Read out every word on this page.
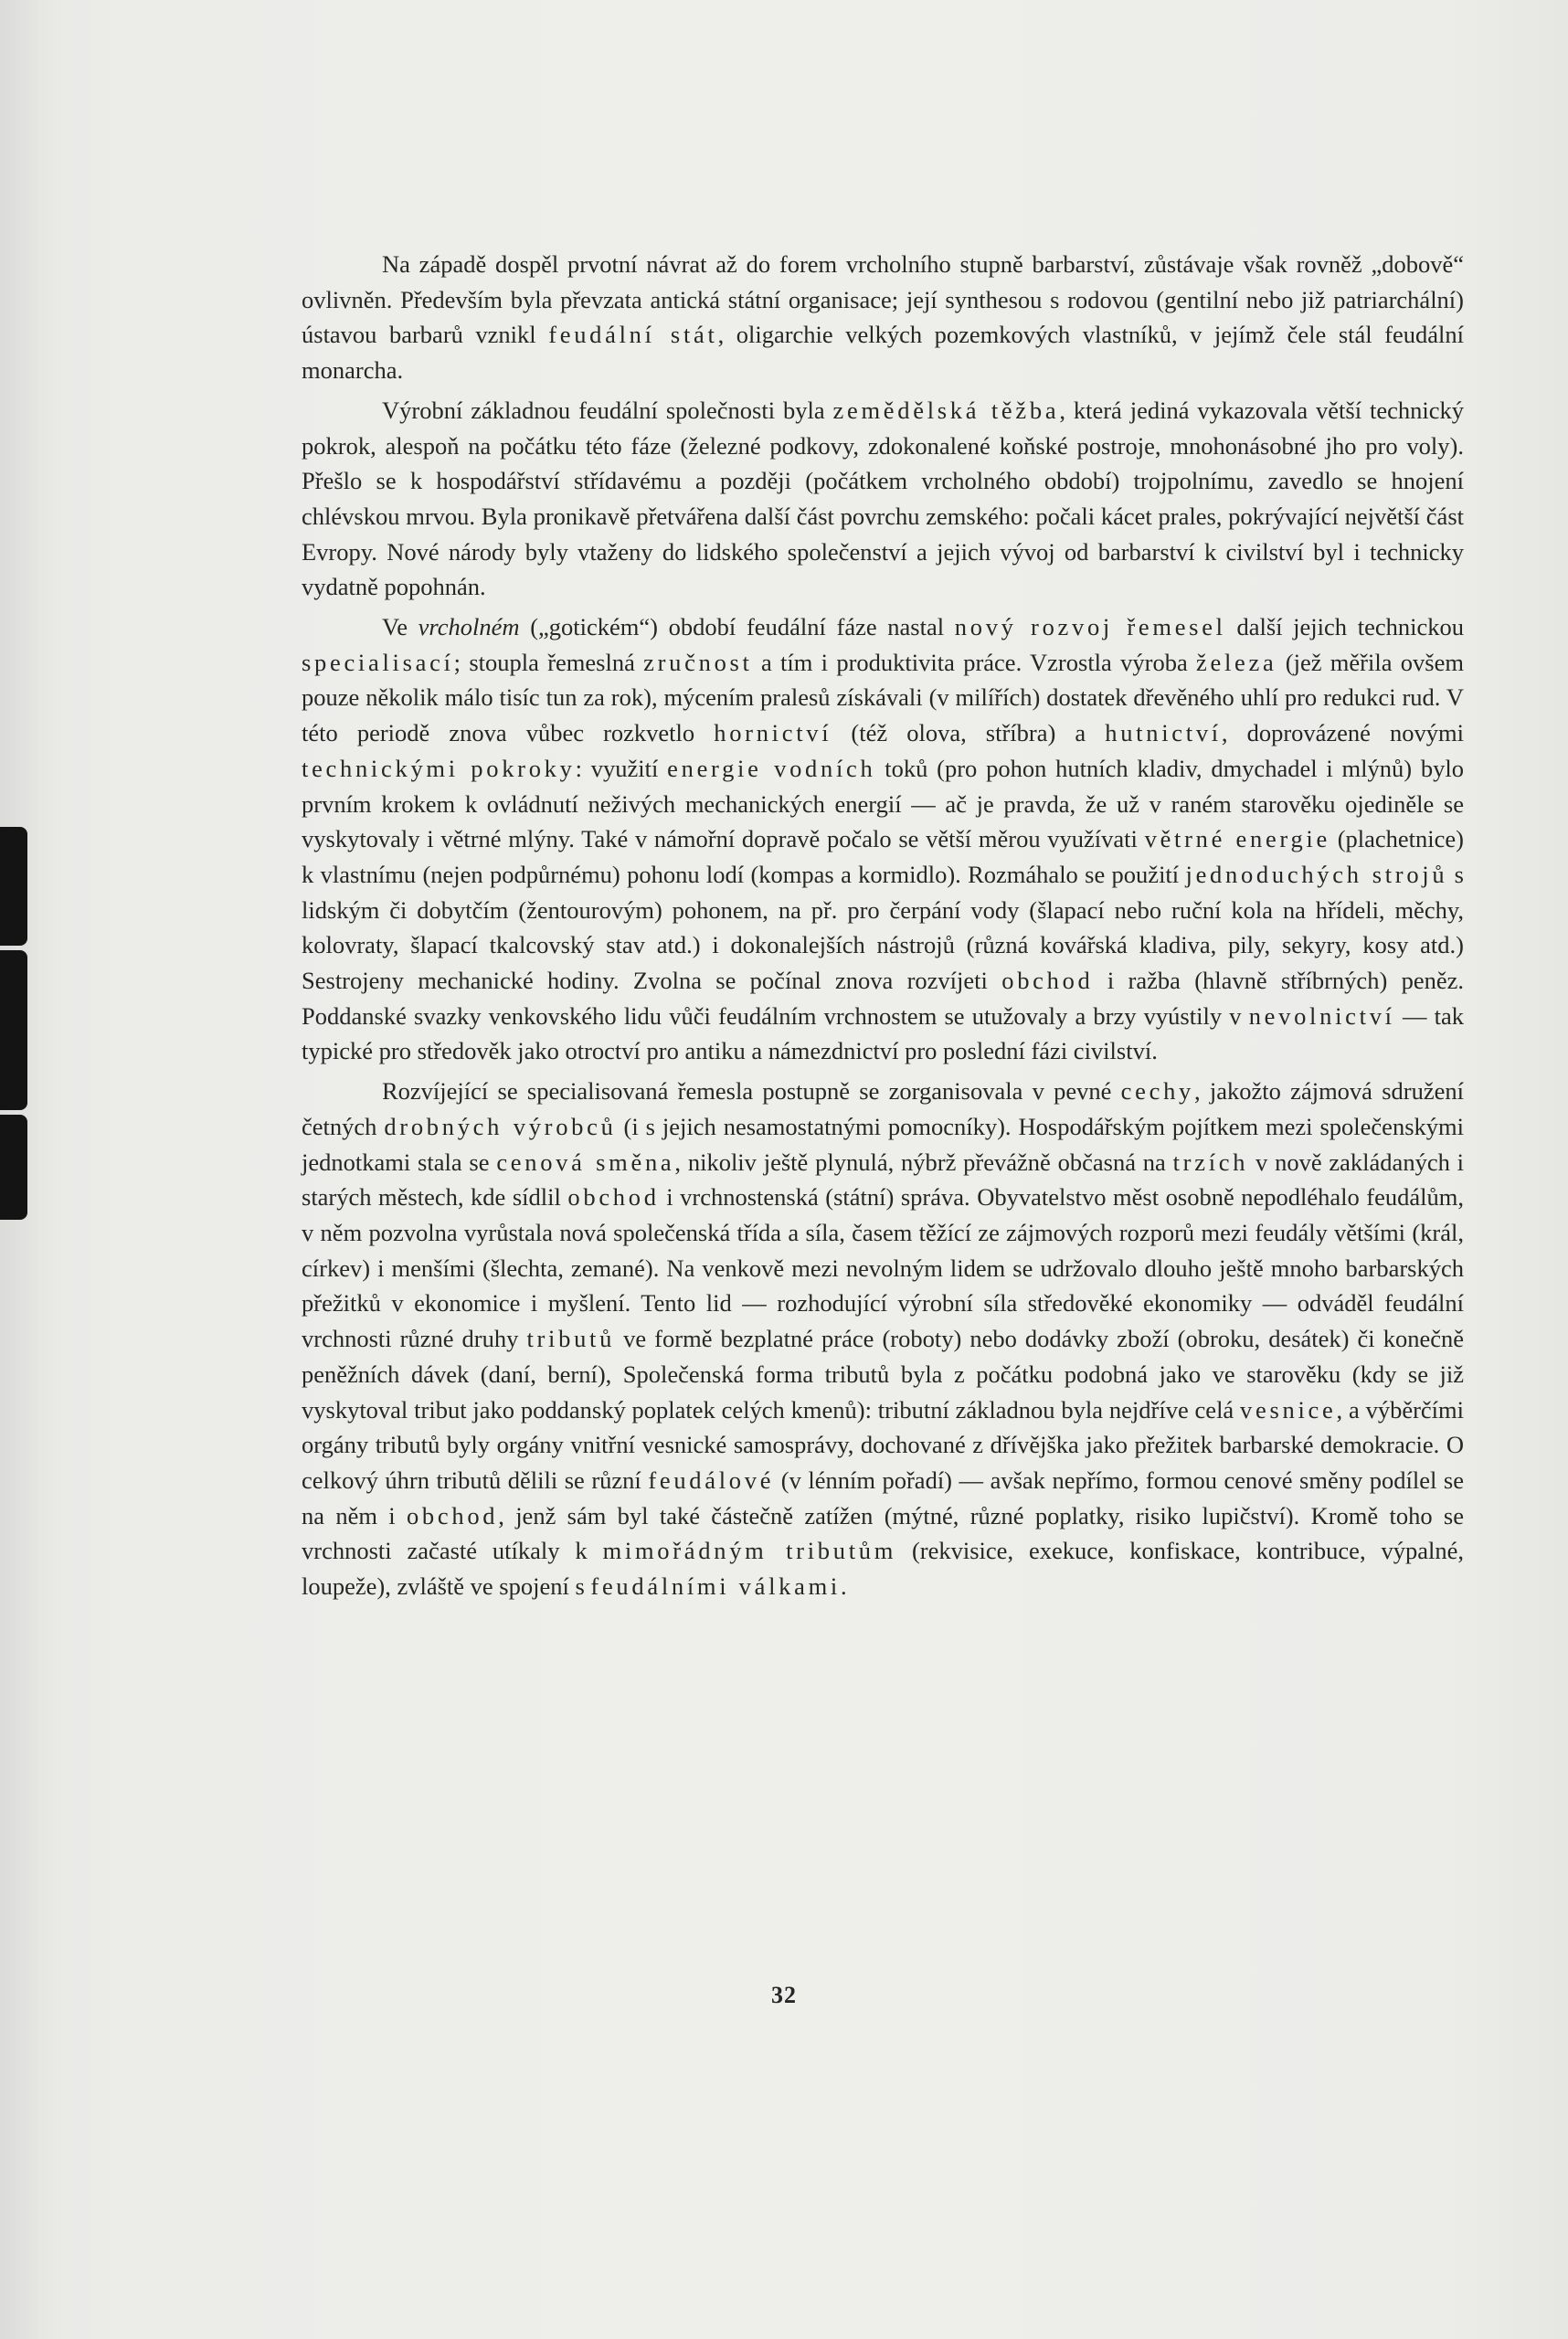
Na západě dospěl prvotní návrat až do forem vrcholního stupně barbarství, zůstávaje však rovněž „dobově“ ovlivněn. Především byla převzata antická státní organisace; její synthesou s rodovou (gentilní nebo již patriarchální) ústavou barbarů vznikl feudální stát, oligarchie velkých pozemkových vlastníků, v jejímž čele stál feudální monarcha.

Výrobní základnou feudální společnosti byla zemědělská těžba, která jediná vykazovala větší technický pokrok, alespoň na počátku této fáze (železné podkovy, zdokonalené koňské postroje, mnohonásobné jho pro voly). Přešlo se k hospodářství střídavému a později (počátkem vrcholného období) trojpolnímu, zavedlo se hnojení chlévskou mrvou. Byla pronikavě přetvářena další část povrchu zemského: počali kácet prales, pokrývající největší část Evropy. Nové národy byly vtaženy do lidského společenství a jejich vývoj od barbarství k civilství byl i technicky vydatně popohnán.

Ve vrcholném („gotickém“) období feudální fáze nastal nový rozvoj řemesel další jejich technickou specialisací; stoupla řemeslná zručnost a tím i produktivita práce. Vzrostla výroba železa (jež měřila ovšem pouze několik málo tisíc tun za rok), mýcením pralesů získávali (v milířích) dostatek dřevěného uhlí pro redukci rud. V této periodě znova vůbec rozkvetlo hornictví (též olova, stříbra) a hutnictví, doprovázené novými technickými pokroky: využití energie vodních toků (pro pohon hutních kladiv, dmychadel i mlýnů) bylo prvním krokem k ovládnutí neživých mechanických energií — ač je pravda, že už v raném starověku ojediněle se vyskytovaly i větrné mlýny. Také v námořní dopravě počalo se větší měrou využívati větrné energie (plachetnice) k vlastnímu (nejen podpůrnému) pohonu lodí (kompas a kormidlo). Rozmáhalo se použití jednoduchých strojů s lidským či dobytčím (žentourovým) pohonem, na př. pro čerpání vody (šlapací nebo ruční kola na hřídeli, měchy, kolovraty, šlapací tkalcovský stav atd.) i dokonalejších nástrojů (různá kovářská kladiva, pily, sekyry, kosy atd.) Sestrojeny mechanické hodiny. Zvolna se počínal znova rozvíjeti obchod i ražba (hlavně stříbrných) peněz. Poddanské svazky venkovského lidu vůči feudálním vrchnostem se utužovaly a brzy vyústily v nevolnictví — tak typické pro středověk jako otroctví pro antiku a námezdnictví pro poslední fázi civilství.

Rozvíjející se specialisovaná řemesla postupně se zorganisovala v pevné cechy, jakožto zájmová sdružení četných drobných výrobců (i s jejich nesamostatnými pomocníky). Hospodářským pojítkem mezi společenskými jednotkami stala se cenová směna, nikoliv ještě plynulá, nýbrž převážně občasná na trzích v nově zakládaných i starých městech, kde sídlil obchod i vrchnostenská (státní) správa. Obyvatelstvo měst osobně nepodléhalo feudálům, v něm pozvolna vyrůstala nová společenská třída a síla, časem těžící ze zájmových rozporů mezi feudály většími (král, církev) i menšími (šlechta, zemané). Na venkově mezi nevolným lidem se udržovalo dlouho ještě mnoho barbarských přežitků v ekonomice i myšlení. Tento lid — rozhodující výrobní síla středověké ekonomiky — odváděl feudální vrchnosti různé druhy tributů ve formě bezplatné práce (roboty) nebo dodávky zboží (obroku, desátek) či konečně peněžních dávek (daní, berní), Společenská forma tributů byla z počátku podobná jako ve starověku (kdy se již vyskytoval tribut jako poddanský poplatek celých kmenů): tributní základnou byla nejdříve celá vesnice, a výběrčími orgány tributů byly orgány vnitřní vesnické samosprávy, dochované z dřívějška jako přežitek barbarské demokracie. O celkový úhrn tributů dělili se různí feudálové (v lénním pořadí) — avšak nepřímo, formou cenové směny podílel se na něm i obchod, jenž sám byl také částečně zatížen (mýtné, různé poplatky, risiko lupičství). Kromě toho se vrchnosti začasté utíkaly k mimořádným tributům (rekvisice, exekuce, konfiskace, kontribuce, výpalné, loupeže), zvláště ve spojení s feudálními válkami.

32
